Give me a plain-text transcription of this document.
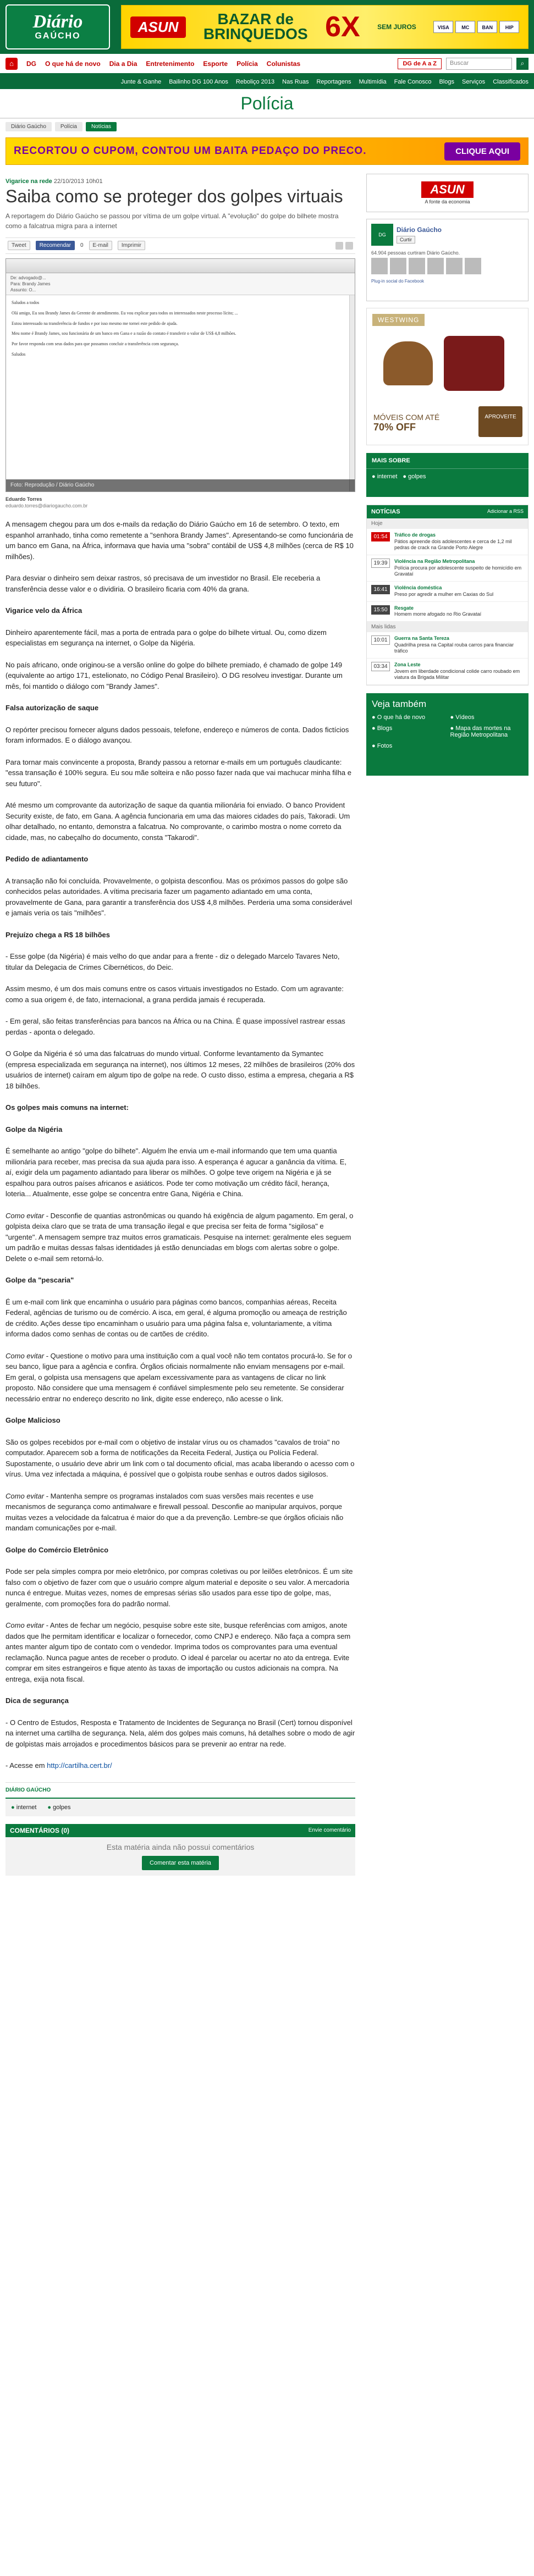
Diário
GAÚCHO
ASUN	BAZAR de
BRINQUEDOS 6X	SEM JUROS	VISA	MC	BAN	HIP
⌂	DG O que há de novo Dia a Dia Entretenimento Esporte Polícia Colunistas	DG de A a Z	Buscar	⌕
Junte & Ganhe Bailinho DG 100 Anos Reboliço 2013 Nas Ruas Reportagens Multimídia Fale Conosco Blogs Serviços Classificados
Polícia
Diário Gaúcho	Polícia	Notícias
RECORTOU O CUPOM, CONTOU UM BAITA PEDAÇO DO PRECO.	CLIQUE AQUI
Vigarice na rede 22/10/2013 10h01
Saiba como se proteger dos golpes virtuais

A reportagem do Diário Gaúcho se passou por vítima de um golpe virtual. A "evolução" do golpe do bilhete mostra como a falcatrua migra para a internet

Tweet	Recomendar	0	E-mail	Imprimir
De: advogado@...
Para: Brandy James
Assunto: O...

Saludos a todos

Olá amigo, Eu sou Brandy James da Gerente de atendimento. Eu vou explicar para todos os interessados neste processo lícito; ...

Estou interessado na transferência de fundos e por isso mesmo me tornei este pedido de ajuda.

Meu nome é Brandy James, sou funcionária de um banco em Gana e a razão do contato é transferir o valor de US$ 4,8 milhões.

Por favor responda com seus dados para que possamos concluir a transferência com segurança.

Saludos

Foto: Reprodução / Diário Gaúcho
Eduardo Torres
eduardo.torres@diariogaucho.com.br

A mensagem chegou para um dos e-mails da redação do Diário Gaúcho em 16 de setembro. O texto, em espanhol arranhado, tinha como remetente a "senhora Brandy James". Apresentando-se como funcionária de um banco em Gana, na África, informava que havia uma "sobra" contábil de US$ 4,8 milhões (cerca de R$ 10 milhões).

Para desviar o dinheiro sem deixar rastros, só precisava de um investidor no Brasil. Ele receberia a transferência desse valor e o dividiria. O brasileiro ficaria com 40% da grana.

Vigarice velo da África

Dinheiro aparentemente fácil, mas a porta de entrada para o golpe do bilhete virtual. Ou, como dizem especialistas em segurança na internet, o Golpe da Nigéria.

No país africano, onde originou-se a versão online do golpe do bilhete premiado, é chamado de golpe 149 (equivalente ao artigo 171, estelionato, no Código Penal Brasileiro). O DG resolveu investigar. Durante um mês, foi mantido o diálogo com "Brandy James".

Falsa autorização de saque

O repórter precisou fornecer alguns dados pessoais, telefone, endereço e números de conta. Dados fictícios foram informados. E o diálogo avançou.

Para tornar mais convincente a proposta, Brandy passou a retornar e-mails em um português claudicante: "essa transação é 100% segura. Eu sou mãe solteira e não posso fazer nada que vai machucar minha filha e seu futuro".

Até mesmo um comprovante da autorização de saque da quantia milionária foi enviado. O banco Provident Security existe, de fato, em Gana. A agência funcionaria em uma das maiores cidades do país, Takoradi. Um olhar detalhado, no entanto, demonstra a falcatrua. No comprovante, o carimbo mostra o nome correto da cidade, mas, no cabeçalho do documento, consta "Takarodi".

Pedido de adiantamento

A transação não foi concluída. Provavelmente, o golpista desconfiou. Mas os próximos passos do golpe são conhecidos pelas autoridades. A vítima precisaria fazer um pagamento adiantado em uma conta, provavelmente de Gana, para garantir a transferência dos US$ 4,8 milhões. Perderia uma soma considerável e jamais veria os tais "milhões".

Prejuízo chega a R$ 18 bilhões

- Esse golpe (da Nigéria) é mais velho do que andar para a frente - diz o delegado Marcelo Tavares Neto, titular da Delegacia de Crimes Cibernéticos, do Deic.

Assim mesmo, é um dos mais comuns entre os casos virtuais investigados no Estado. Com um agravante: como a sua origem é, de fato, internacional, a grana perdida jamais é recuperada.

- Em geral, são feitas transferências para bancos na África ou na China. É quase impossível rastrear essas perdas - aponta o delegado.

O Golpe da Nigéria é só uma das falcatruas do mundo virtual. Conforme levantamento da Symantec (empresa especializada em segurança na internet), nos últimos 12 meses, 22 milhões de brasileiros (20% dos usuários de internet) caíram em algum tipo de golpe na rede. O custo disso, estima a empresa, chegaria a R$ 18 bilhões.

Os golpes mais comuns na internet:
Golpe da Nigéria

É semelhante ao antigo "golpe do bilhete". Alguém lhe envia um e-mail informando que tem uma quantia milionária para receber, mas precisa da sua ajuda para isso. A esperança é agucar a ganância da vítima. E, aí, exigir dela um pagamento adiantado para liberar os milhões. O golpe teve origem na Nigéria e já se espalhou para outros países africanos e asiáticos. Pode ter como motivação um crédito fácil, herança, loteria... Atualmente, esse golpe se concentra entre Gana, Nigéria e China.

Como evitar - Desconfie de quantias astronômicas ou quando há exigência de algum pagamento. Em geral, o golpista deixa claro que se trata de uma transação ilegal e que precisa ser feita de forma "sigilosa" e "urgente". A mensagem sempre traz muitos erros gramaticais. Pesquise na internet: geralmente eles seguem um padrão e muitas dessas falsas identidades já estão denunciadas em blogs com alertas sobre o golpe. Delete o e-mail sem retorná-lo.

Golpe da "pescaria"

É um e-mail com link que encaminha o usuário para páginas como bancos, companhias aéreas, Receita Federal, agências de turismo ou de comércio. A isca, em geral, é alguma promoção ou ameaça de restrição de crédito. Ações desse tipo encaminham o usuário para uma página falsa e, voluntariamente, a vítima informa dados como senhas de contas ou de cartões de crédito.

Como evitar - Questione o motivo para uma instituição com a qual você não tem contatos procurá-lo. Se for o seu banco, ligue para a agência e confira. Órgãos oficiais normalmente não enviam mensagens por e-mail. Em geral, o golpista usa mensagens que apelam excessivamente para as vantagens de clicar no link proposto. Não considere que uma mensagem é confiável simplesmente pelo seu remetente. Se considerar necessário entrar no endereço descrito no link, digite esse endereço, não acesse o link.

Golpe Malicioso

São os golpes recebidos por e-mail com o objetivo de instalar vírus ou os chamados "cavalos de troia" no computador. Aparecem sob a forma de notificações da Receita Federal, Justiça ou Polícia Federal. Supostamente, o usuário deve abrir um link com o tal documento oficial, mas acaba liberando o acesso com o vírus. Uma vez infectada a máquina, é possível que o golpista roube senhas e outros dados sigilosos.

Como evitar - Mantenha sempre os programas instalados com suas versões mais recentes e use mecanismos de segurança como antimalware e firewall pessoal. Desconfie ao manipular arquivos, porque muitas vezes a velocidade da falcatrua é maior do que a da prevenção. Lembre-se que órgãos oficiais não mandam comunicações por e-mail.

Golpe do Comércio Eletrônico

Pode ser pela simples compra por meio eletrônico, por compras coletivas ou por leilões eletrônicos. É um site falso com o objetivo de fazer com que o usuário compre algum material e deposite o seu valor. A mercadoria nunca é entregue. Muitas vezes, nomes de empresas sérias são usados para esse tipo de golpe, mas, geralmente, com promoções fora do padrão normal.

Como evitar - Antes de fechar um negócio, pesquise sobre este site, busque referências com amigos, anote dados que lhe permitam identificar e localizar o fornecedor, como CNPJ e endereço. Não faça a compra sem antes manter algum tipo de contato com o vendedor. Imprima todos os comprovantes para uma eventual reclamação. Nunca pague antes de receber o produto. O ideal é parcelar ou acertar no ato da entrega. Evite comprar em sites estrangeiros e fique atento às taxas de importação ou custos adicionais na compra. Na entrega, exija nota fiscal.

Dica de segurança

- O Centro de Estudos, Resposta e Tratamento de Incidentes de Segurança no Brasil (Cert) tornou disponível na internet uma cartilha de segurança. Nela, além dos golpes mais comuns, há detalhes sobre o modo de agir de golpistas mais arrojados e procedimentos básicos para se prevenir ao entrar na rede.

- Acesse em http://cartilha.cert.br/

DIÁRIO GAÚCHO
● internet	● golpes
COMENTÁRIOS (0)	Envie comentário
Esta matéria ainda não possui comentários
Comentar esta matéria
ASUN
A fonte da economia
DG
Diário Gaúcho
Curtir
64.904 pessoas curtiram Diário Gaúcho.
Plug-in social do Facebook
WESTWING
MÓVEIS COM ATÉ
70% OFF
APROVEITE
MAIS SOBRE
● internet	● golpes
NOTÍCIAS	Adicionar a RSS
Hoje
01:54	Tráfico de drogas
Pátios apreende dois adolescentes e cerca de 1,2 mil pedras de crack na Grande Porto Alegre
19:39	Violência na Região Metropolitana
Polícia procura por adolescente suspeito de homicídio em Gravataí
16:41	Violência doméstica
Preso por agredir a mulher em Caxias do Sul
15:50	Resgate
Homem morre afogado no Rio Gravataí
Mais lidas
10:01	Guerra na Santa Tereza
Quadrilha presa na Capital rouba carros para financiar tráfico
03:34	Zona Leste
Jovem em liberdade condicional colide carro roubado em viatura da Brigada Militar
Veja também
● O que há de novo	● Vídeos
● Blogs	● Mapa das mortes na Região Metropolitana
● Fotos
